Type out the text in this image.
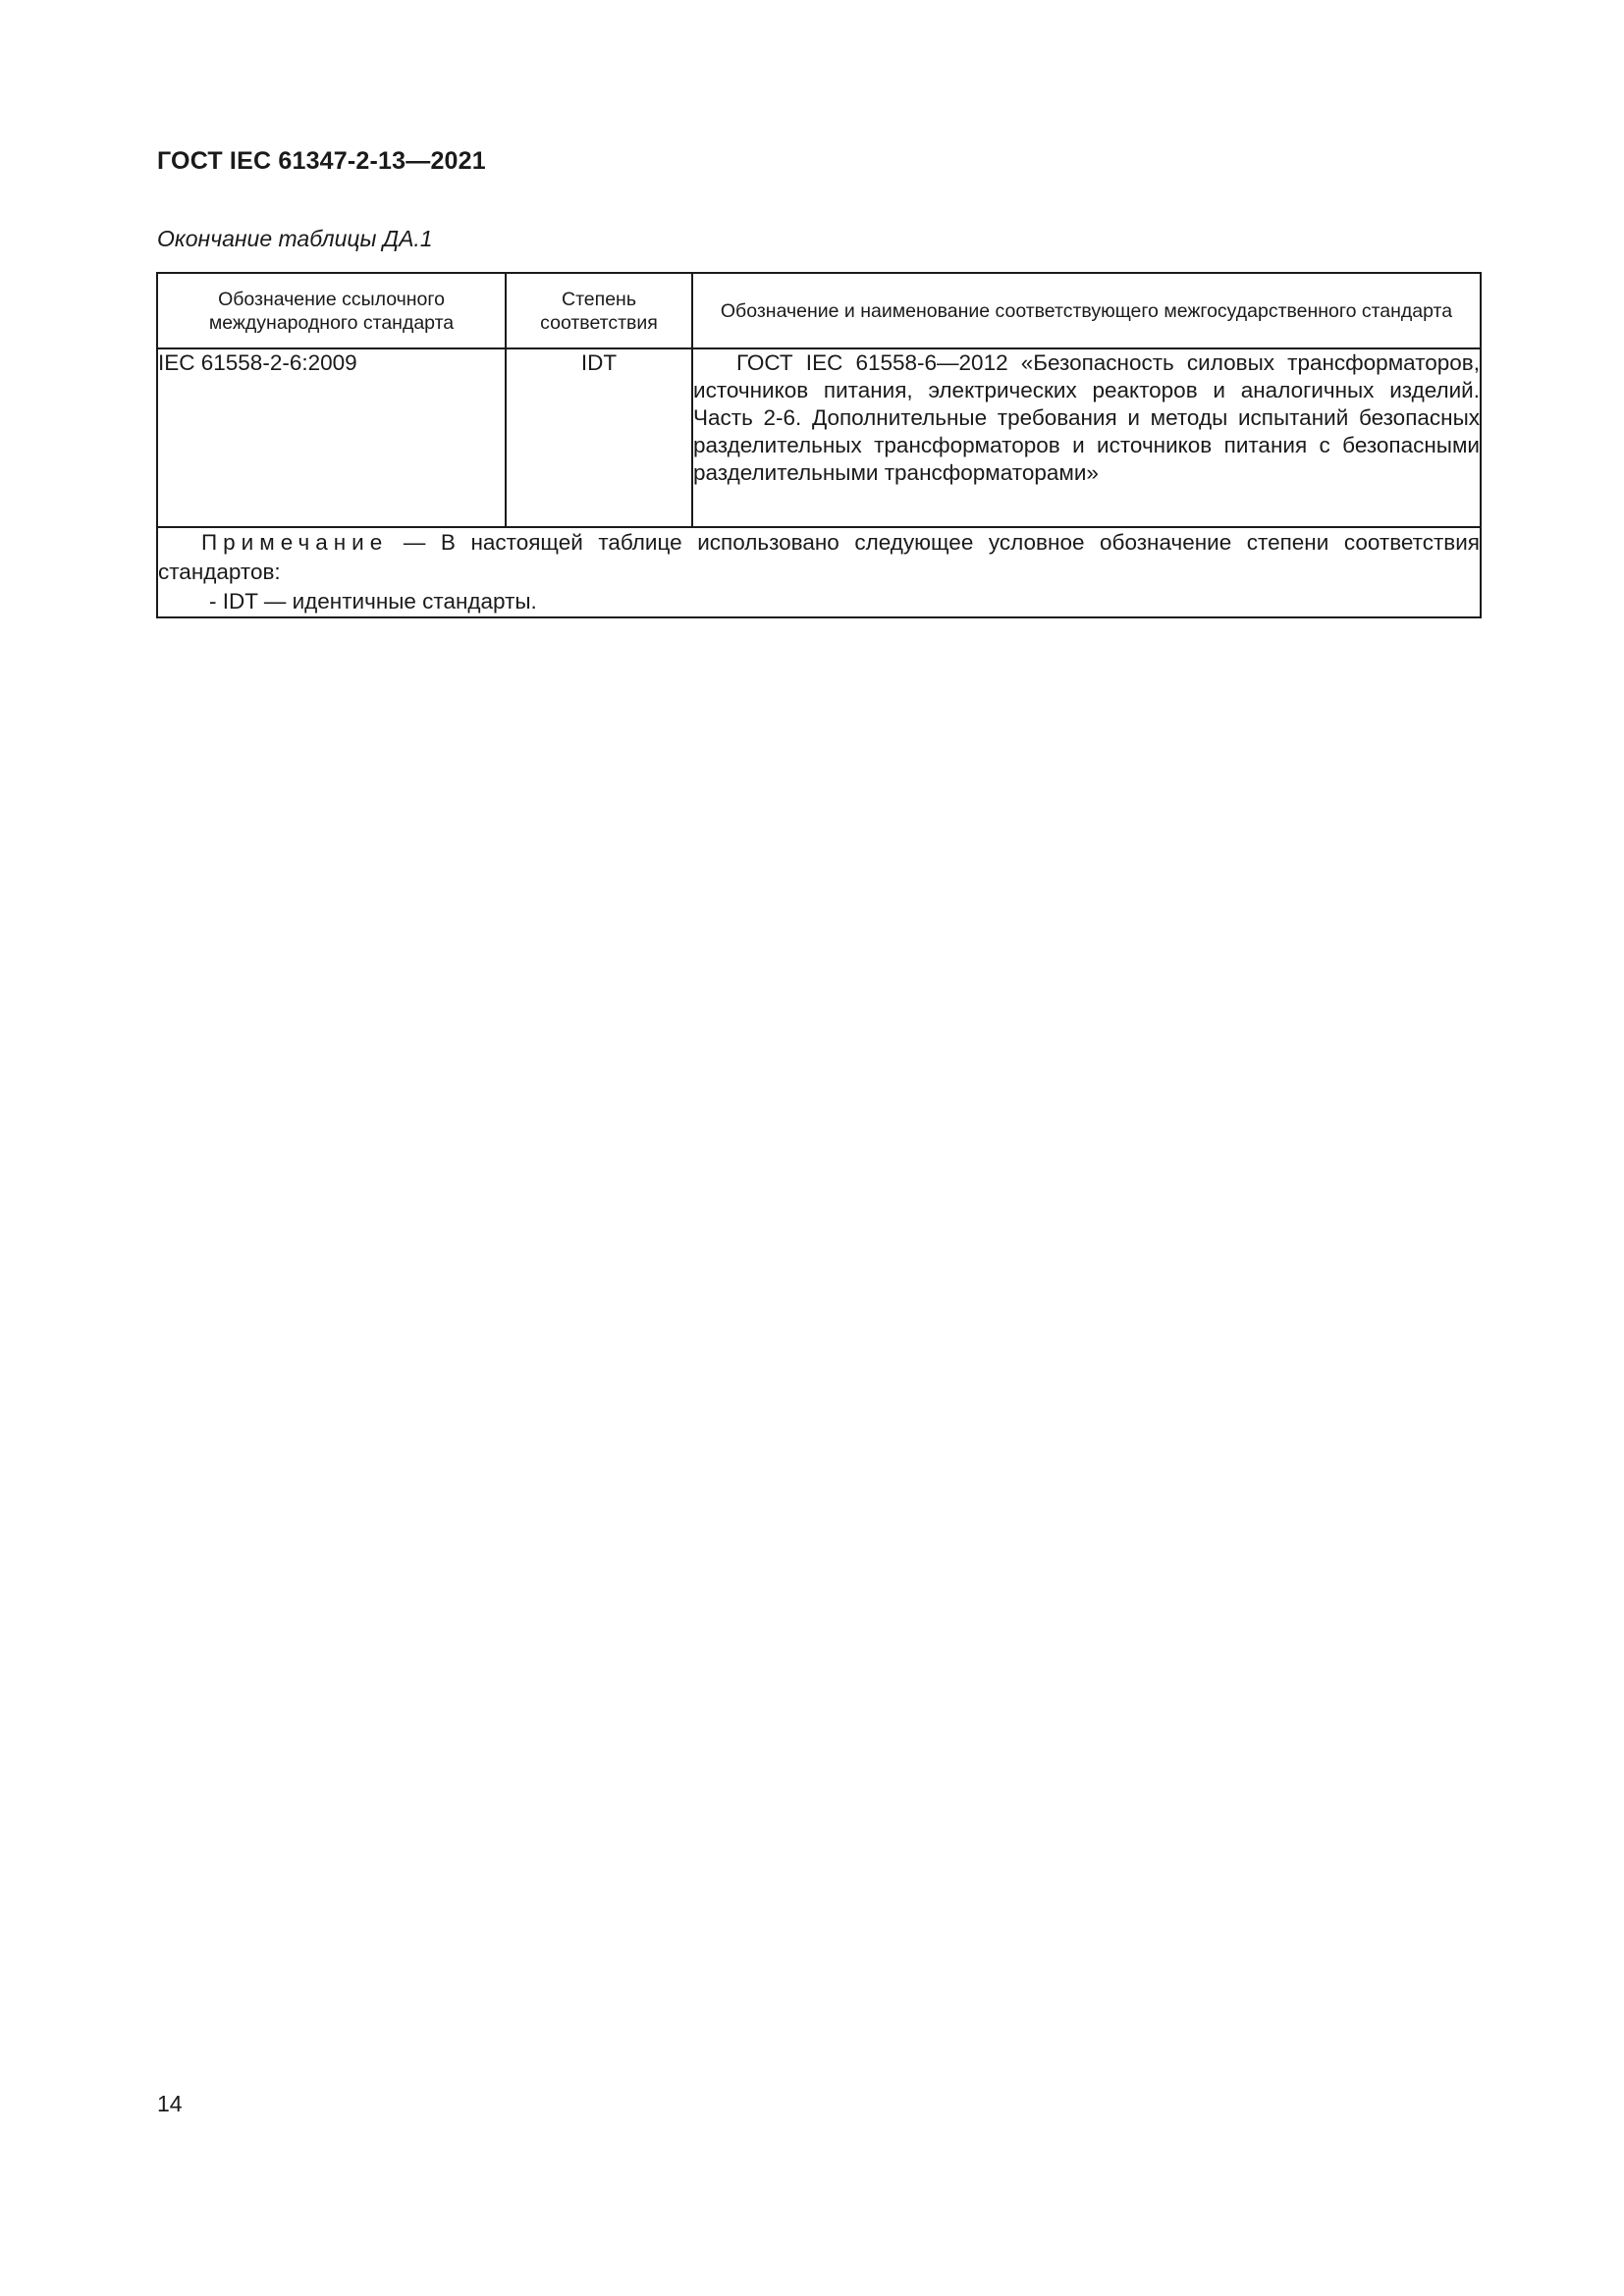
ГОСТ IEC 61347-2-13—2021
Окончание таблицы ДА.1
Обозначение ссылочного международного стандарта	Степень соответствия	Обозначение и наименование соответствующего межгосударственного стандарта
IEC 61558-2-6:2009	IDT	ГОСТ IEC 61558-6—2012 «Безопасность силовых трансформаторов, источников питания, электрических реакторов и аналогичных изделий. Часть 2-6. Дополнительные требования и методы испытаний безопасных разделительных трансформаторов и источников питания с безопасными разделительными трансформаторами»

Примечание — В настоящей таблице использовано следующее условное обозначение степени соответствия стандартов:
- IDT — идентичные стандарты.		
14
